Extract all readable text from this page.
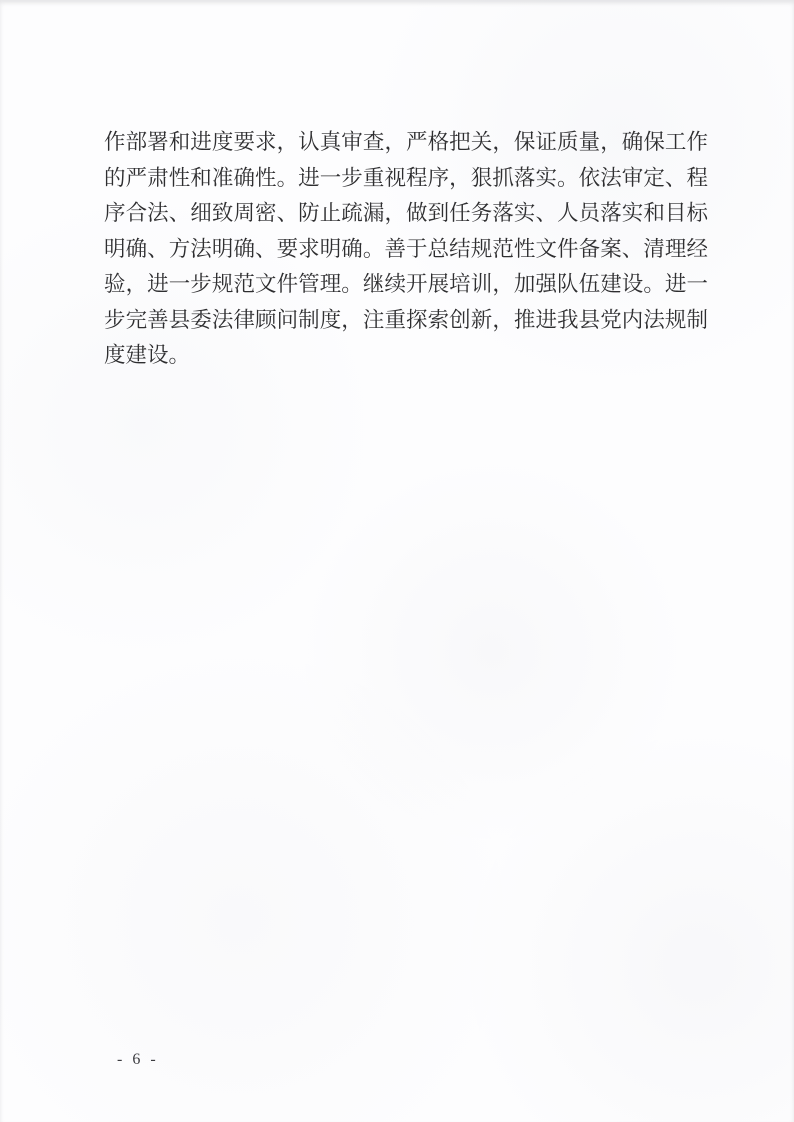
作部署和进度要求，认真审查，严格把关，保证质量，确保工作
的严肃性和准确性。进一步重视程序，狠抓落实。依法审定、程
序合法、细致周密、防止疏漏，做到任务落实、人员落实和目标
明确、方法明确、要求明确。善于总结规范性文件备案、清理经
验，进一步规范文件管理。继续开展培训，加强队伍建设。进一
步完善县委法律顾问制度，注重探索创新，推进我县党内法规制
度建设。
- 6 -
